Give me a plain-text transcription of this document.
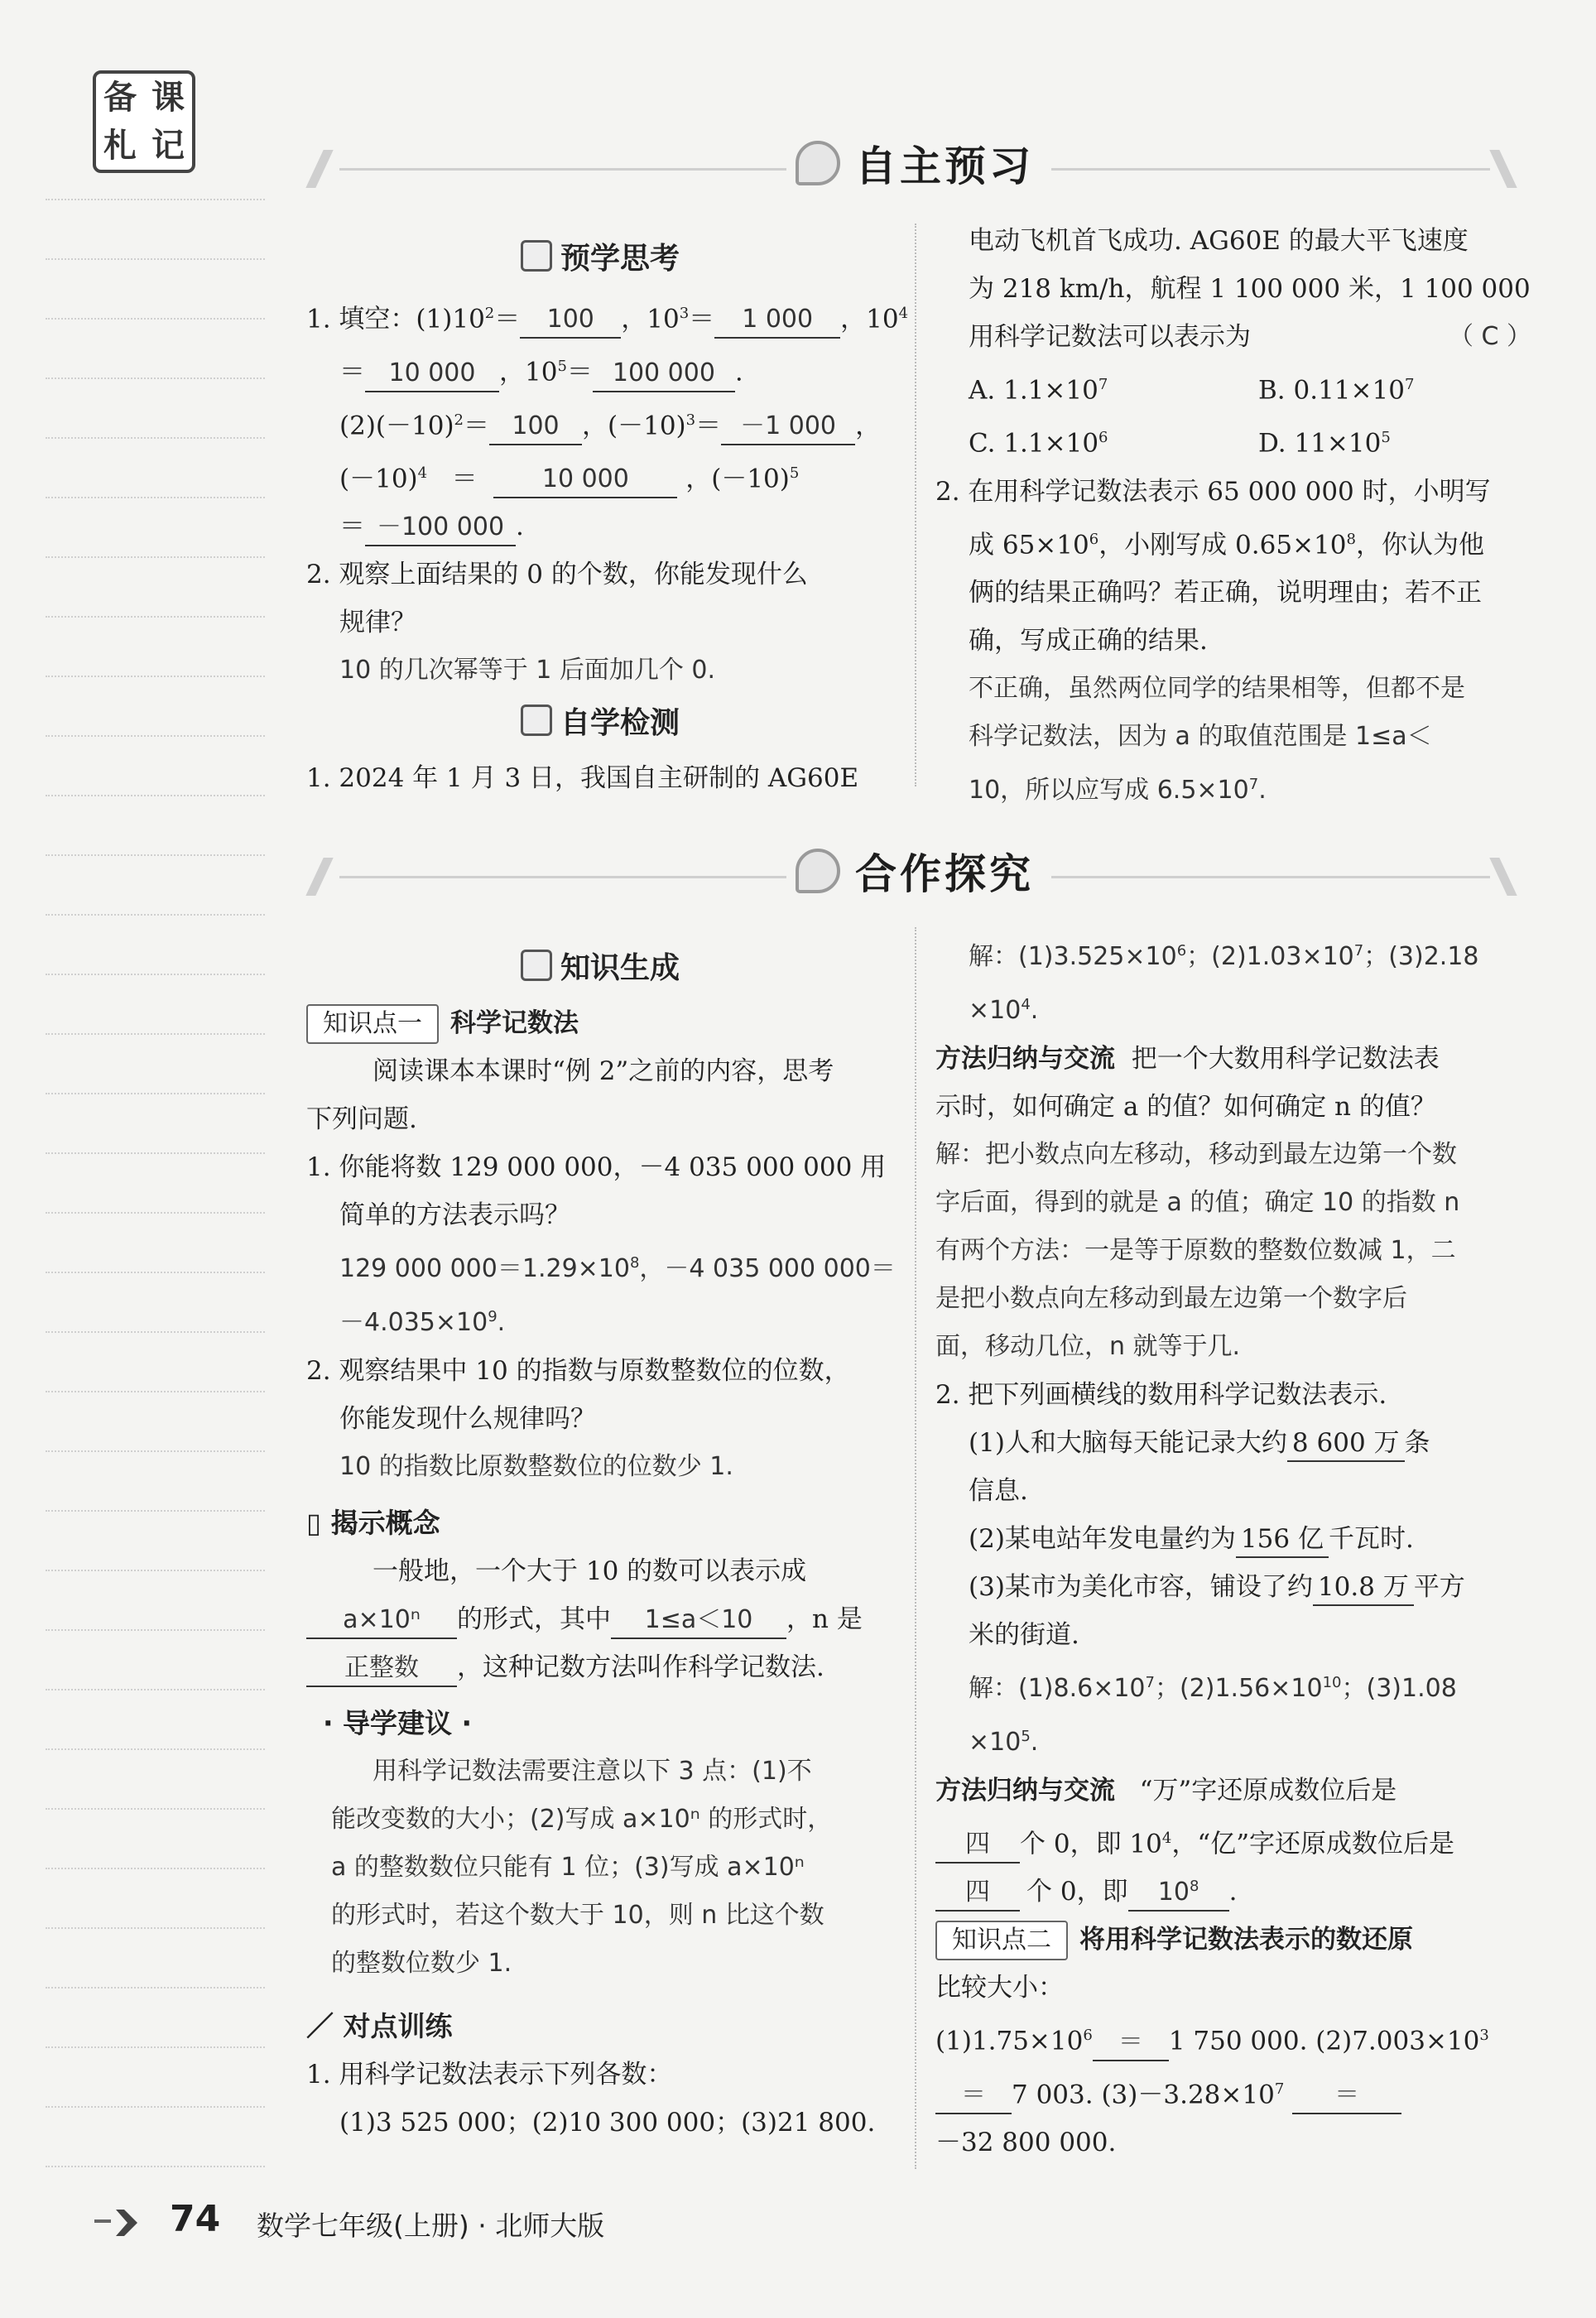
备 课
札 记	自主预习
预学思考
1. 填空：$(1)10^2= 100$ ，$10^3= 1$ 000 ，$10^4$
＝ 10 000 ，$10^5= 100$ 000 .
$(2)(-10)^2= 100$ ，$(-10)^3= -1$ 000 ，
$(-10)^4$ ＝	10 000 ，$(-10)^5$
＝ －100 000 .
2. 观察上面结果的 0 的个数，你能发现什么
规律？
10 的几次幂等于 1 后面加几个 0.
自学检测
1. 2024 年 1 月 3 日，我国自主研制的 AG60E
电动飞机首飞成功. AG60E 的最大平飞速度
为 218 km/h，航程 1 100 000 米，1 100 000
用科学记数法可以表示为	（ C ）
A. $1.1\times 10^7$	B. $0.11\times 10^7$
C. $1.1\times 10^6$	D. $11\times 10^5$
2. 在用科学记数法表示 65 000 000 时，小明写
成 $65\times 10^6$，小刚写成 $0.65\times 10^8$，你认为他
俩的结果正确吗？若正确，说明理由；若不正
确，写成正确的结果.
不正确，虽然两位同学的结果相等，但都不是
科学记数法，因为 a 的取值范围是 1≤a＜
10，所以应写成 $6.5\times 10^7$.
合作探究
知识生成
知识点一 科学记数法
阅读课本本课时“例 2”之前的内容，思考
下列问题.
1. 你能将数 129 000 000，－4 035 000 000 用
简单的方法表示吗？
129 000 $000=1.29\times 10^8$，－4 035 000 000＝
$-4.035\times 10^9$.
2. 观察结果中 10 的指数与原数整数位的位数，
你能发现什么规律吗？
10 的指数比原数整数位的位数少 1.
▯ 揭示概念
一般地，一个大于 10 的数可以表示成
a×10ⁿ 的形式，其中 1≤a＜10 ，n 是
正整数 ，这种记数方法叫作科学记数法.
· 导学建议 ·
用科学记数法需要注意以下 3 点：(1)不
能改变数的大小；(2)写成 a×10ⁿ 的形式时，
a 的整数数位只能有 1 位；(3)写成 a×10ⁿ
的形式时，若这个数大于 10，则 n 比这个数
的整数位数少 1.
／ 对点训练
1. 用科学记数法表示下列各数：
(1)3 525 000；(2)10 300 000；(3)21 800.
解：$(1)3.525\times 10^6$；$(2)1.03\times 10^7$；(3)2.18
$\times 10^4$.
方法归纳与交流 把一个大数用科学记数法表
示时，如何确定 a 的值？如何确定 n 的值？
解：把小数点向左移动，移动到最左边第一个数
字后面，得到的就是 a 的值；确定 10 的指数 n
有两个方法：一是等于原数的整数位数减 1，二
是把小数点向左移动到最左边第一个数字后
面，移动几位，n 就等于几.
2. 把下列画横线的数用科学记数法表示.
(1)人和大脑每天能记录大约 8 600 万 条
信息.
(2)某电站年发电量约为 156 亿 千瓦时.
(3)某市为美化市容，铺设了约 10.8 万 平方
米的街道.
解：$(1)8.6\times 10^7$；$(2)1.56\times 10^{10}$；(3)1.08
$\times 10^5$.
方法归纳与交流 “万”字还原成数位后是
四 个 0，即 $10^4$，“亿”字还原成数位后是
四	个 0，即 $10^8$ .
知识点二 将用科学记数法表示的数还原
比较大小：
$(1)1.75\times 10^6 = 1$ 750 000. $(2)7.003\times 10^3$
＝ 7 003. $(3)-3.28\times 10^7$ ＝
－32 800 000.
74 数学七年级(上册) · 北师大版
